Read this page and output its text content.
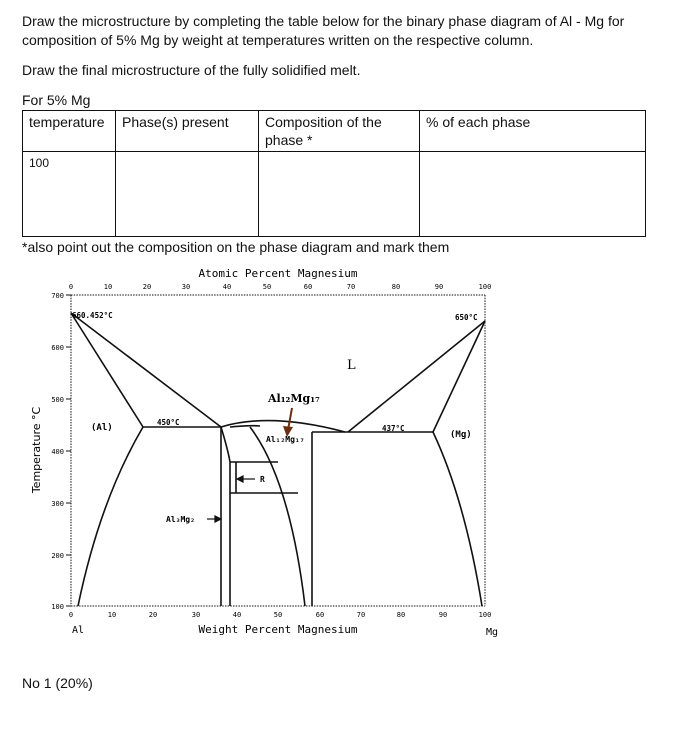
Draw the microstructure by completing the table below for the binary phase diagram of Al - Mg for

composition of 5% Mg by weight at temperatures written on the respective column.

Draw the final microstructure of the fully solidified melt.

For 5% Mg

temperature	Phase(s) present	Composition of the phase *	% of each phase
100			

*also point out the composition on the phase diagram and mark them

Atomic Percent Magnesium
700
600
500
400
300
200
100
0	10	20	30	40	50	60	70	80	90	100
0	10	20	30	40	50	60	70	80	90	100
Weight Percent Magnesium
Al	Mg
Temperature °C
660.452°C	650°C
450°C
437°C
(Al)
(Mg)
Al₁₂Mg₁₇
Al₃Mg₂
R
L
Al₁₂Mg₁₇

No 1 (20%)
